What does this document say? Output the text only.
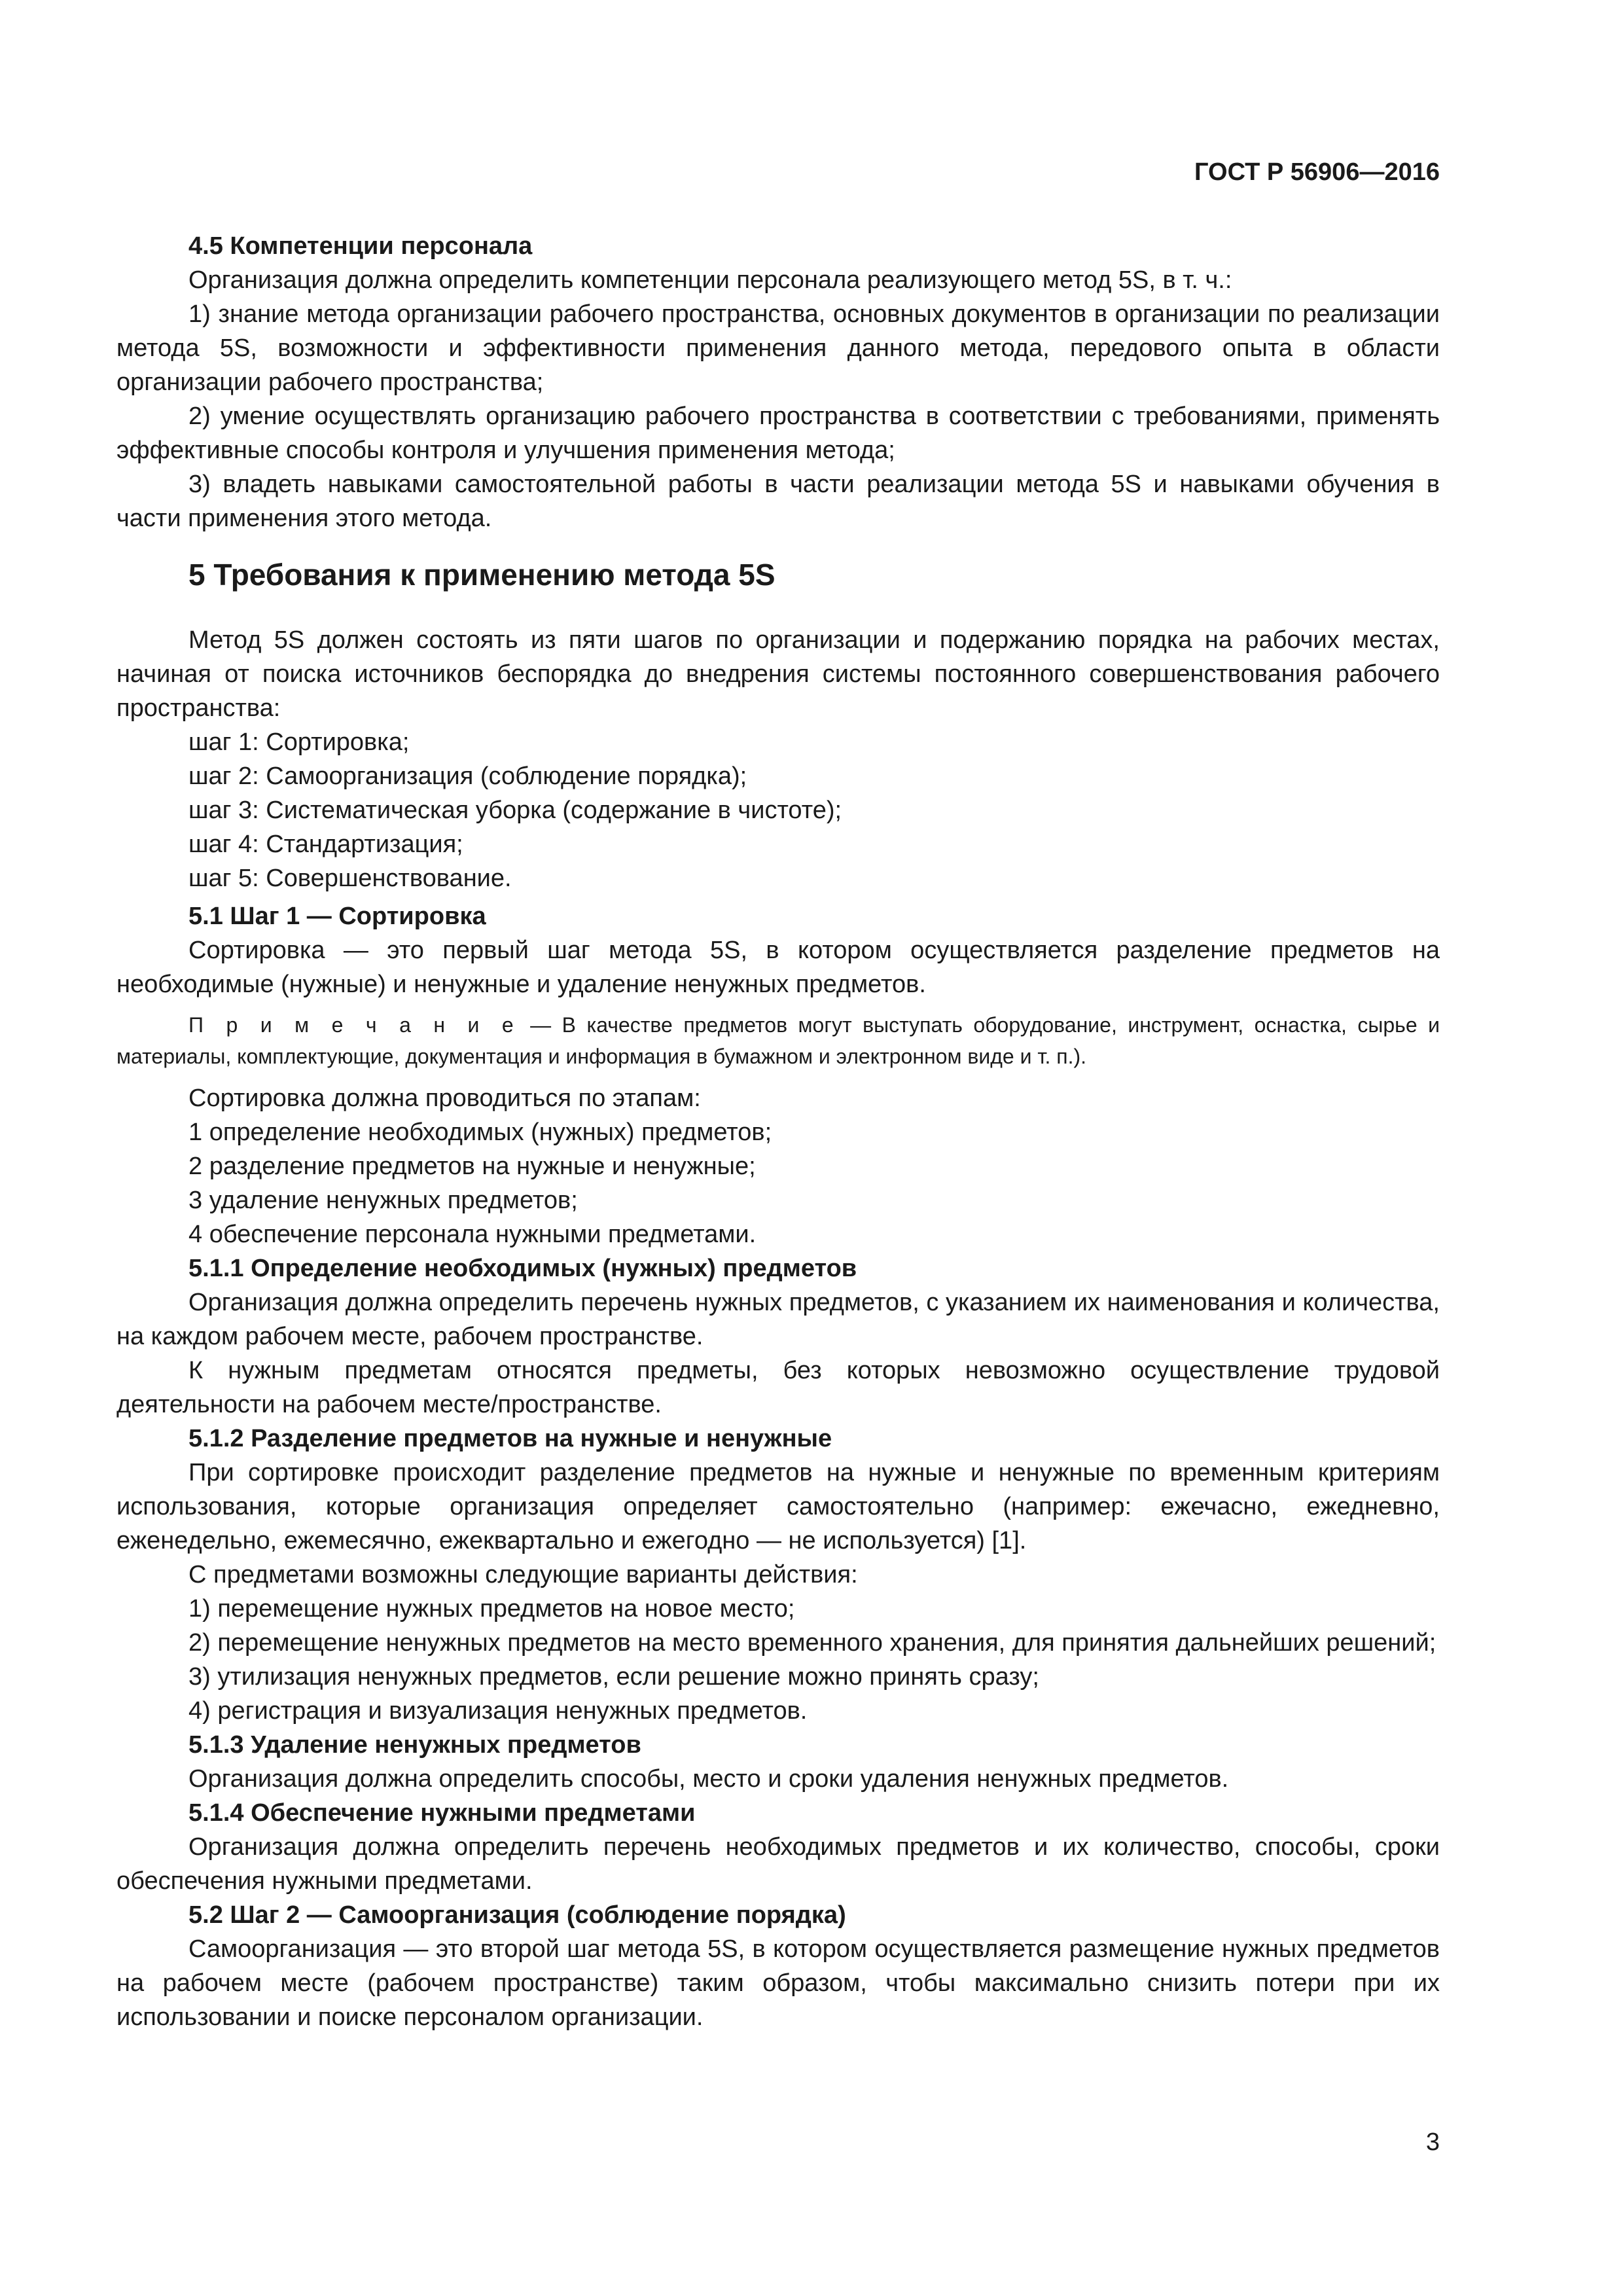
ГОСТ Р 56906—2016

4.5 Компетенции персонала

Организация должна определить компетенции персонала реализующего метод 5S, в т. ч.:

1) знание метода организации рабочего пространства, основных документов в организации по реализации метода 5S, возможности и эффективности применения данного метода, передового опыта в области организации рабочего пространства;

2) умение осуществлять организацию рабочего пространства в соответствии с требованиями, применять эффективные способы контроля и улучшения применения метода;

3) владеть навыками самостоятельной работы в части реализации метода 5S и навыками обучения в части применения этого метода.

5 Требования к применению метода 5S

Метод 5S должен состоять из пяти шагов по организации и подержанию порядка на рабочих местах, начиная от поиска источников беспорядка до внедрения системы постоянного совершенствования рабочего пространства:

шаг 1: Сортировка;

шаг 2: Самоорганизация (соблюдение порядка);

шаг 3: Систематическая уборка (содержание в чистоте);

шаг 4: Стандартизация;

шаг 5: Совершенствование.

5.1 Шаг 1 — Сортировка

Сортировка — это первый шаг метода 5S, в котором осуществляется разделение предметов на необходимые (нужные) и ненужные и удаление ненужных предметов.

П р и м е ч а н и е — В качестве предметов могут выступать оборудование, инструмент, оснастка, сырье и материалы, комплектующие, документация и информация в бумажном и электронном виде и т. п.).

Сортировка должна проводиться по этапам:

1 определение необходимых (нужных) предметов;

2 разделение предметов на нужные и ненужные;

3 удаление ненужных предметов;

4 обеспечение персонала нужными предметами.

5.1.1 Определение необходимых (нужных) предметов

Организация должна определить перечень нужных предметов, с указанием их наименования и количества, на каждом рабочем месте, рабочем пространстве.

К нужным предметам относятся предметы, без которых невозможно осуществление трудовой деятельности на рабочем месте/пространстве.

5.1.2 Разделение предметов на нужные и ненужные

При сортировке происходит разделение предметов на нужные и ненужные по временным критериям использования, которые организация определяет самостоятельно (например: ежечасно, ежедневно, еженедельно, ежемесячно, ежеквартально и ежегодно — не используется) [1].

С предметами возможны следующие варианты действия:

1) перемещение нужных предметов на новое место;

2) перемещение ненужных предметов на место временного хранения, для принятия дальнейших решений;

3) утилизация ненужных предметов, если решение можно принять сразу;

4) регистрация и визуализация ненужных предметов.

5.1.3 Удаление ненужных предметов

Организация должна определить способы, место и сроки удаления ненужных предметов.

5.1.4 Обеспечение нужными предметами

Организация должна определить перечень необходимых предметов и их количество, способы, сроки обеспечения нужными предметами.

5.2 Шаг 2 — Самоорганизация (соблюдение порядка)

Самоорганизация — это второй шаг метода 5S, в котором осуществляется размещение нужных предметов на рабочем месте (рабочем пространстве) таким образом, чтобы максимально снизить потери при их использовании и поиске персоналом организации.

3
